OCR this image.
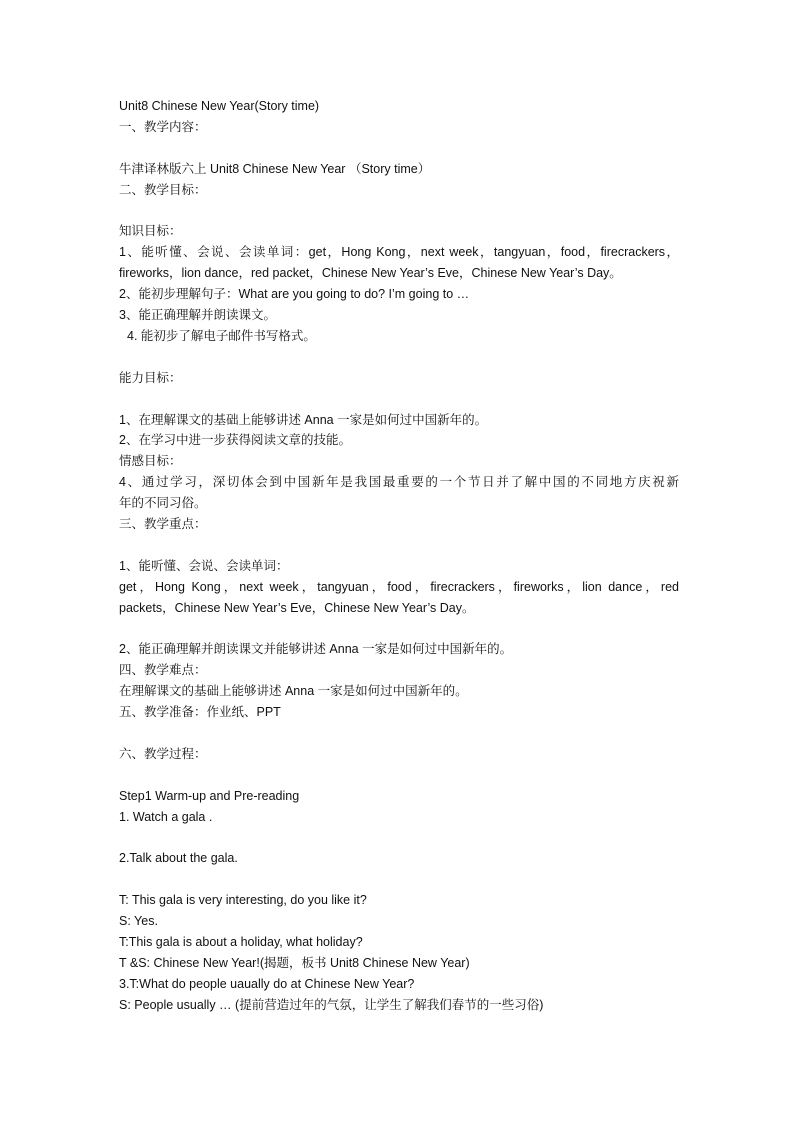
Unit8 Chinese New Year(Story time)
一、教学内容：
牛津译林版六上 Unit8 Chinese New Year （Story time）
二、教学目标：
知识目标：
1、能听懂、会说、会读单词：get，Hong Kong，next week，tangyuan，food，firecrackers，
fireworks，lion dance，red packet，Chinese New Year’s Eve，Chinese New Year’s Day。
2、能初步理解句子：What are you going to do? I’m going to …
3、能正确理解并朗读课文。
4. 能初步了解电子邮件书写格式。
能力目标：
1、在理解课文的基础上能够讲述 Anna 一家是如何过中国新年的。
2、在学习中进一步获得阅读文章的技能。
情感目标：
4、通过学习，深切体会到中国新年是我国最重要的一个节日并了解中国的不同地方庆祝新
年的不同习俗。
三、教学重点：
1、能听懂、会说、会读单词：
get，Hong Kong，next week，tangyuan，food，firecrackers，fireworks，lion dance，red
packets，Chinese New Year’s Eve，Chinese New Year’s Day。
2、能正确理解并朗读课文并能够讲述 Anna 一家是如何过中国新年的。
四、教学难点：
在理解课文的基础上能够讲述 Anna 一家是如何过中国新年的。
五、教学准备：作业纸、PPT
六、教学过程：
Step1 Warm-up and Pre-reading
1. Watch a gala .
2.Talk about the gala.
T: This gala is very interesting, do you like it?
S: Yes.
T:This gala is about a holiday, what holiday?
T &S: Chinese New Year!(揭题，板书 Unit8 Chinese New Year)
3.T:What do people uaually do at Chinese New Year?
S: People usually … (提前营造过年的气氛，让学生了解我们春节的一些习俗)
